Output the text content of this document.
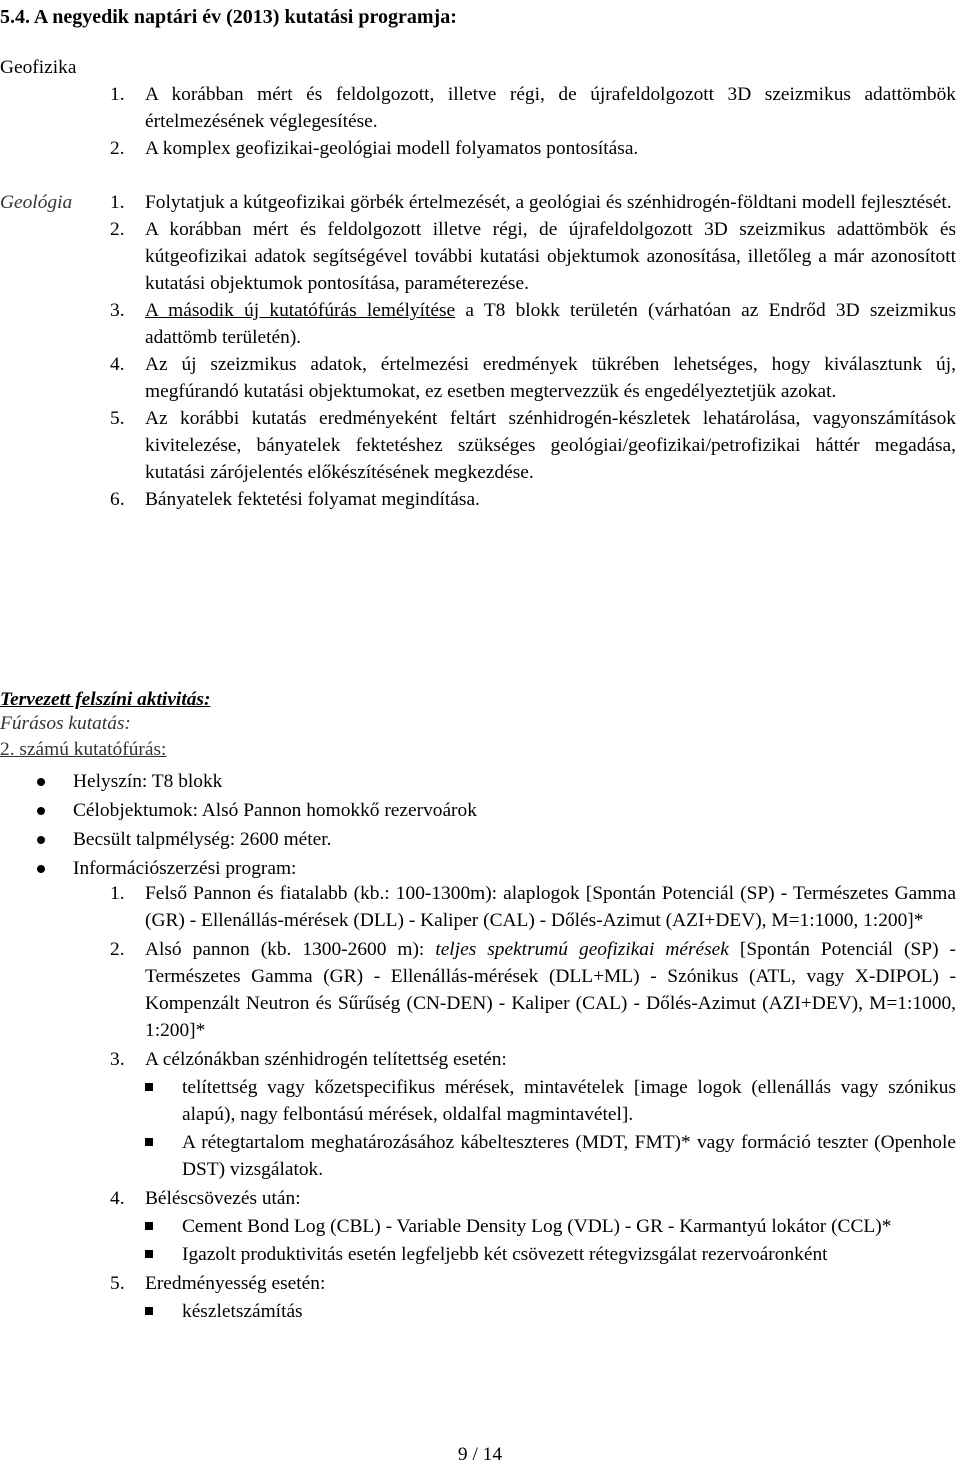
5.4. A negyedik naptári év (2013) kutatási programja:
Geofizika
1. A korábban mért és feldolgozott, illetve régi, de újrafeldolgozott 3D szeizmikus adattömbök értelmezésének véglegesítése.
2. A komplex geofizikai-geológiai modell folyamatos pontosítása.
Geológia 1. Folytatjuk a kútgeofizikai görbék értelmezését, a geológiai és szénhidrogén-földtani modell fejlesztését.
2. A korábban mért és feldolgozott illetve régi, de újrafeldolgozott 3D szeizmikus adattömbök és kútgeofizikai adatok segítségével további kutatási objektumok azonosítása, illetőleg a már azonosított kutatási objektumok pontosítása, paraméterezése.
3. A második új kutatófúrás lemélyítése a T8 blokk területén (várhatóan az Endrőd 3D szeizmikus adattömb területén).
4. Az új szeizmikus adatok, értelmezési eredmények tükrében lehetséges, hogy kiválasztunk új, megfúrandó kutatási objektumokat, ez esetben megtervezzük és engedélyeztetjük azokat.
5. Az korábbi kutatás eredményeként feltárt szénhidrogén-készletek lehatárolása, vagyonszámítások kivitelezése, bányatelek fektetéshez szükséges geológiai/geofizikai/petrofizikai háttér megadása, kutatási zárójelentés előkészítésének megkezdése.
6. Bányatelek fektetési folyamat megindítása.
Tervezett felszíni aktivitás:
Fúrásos kutatás:
2. számú kutatófúrás:
Helyszín: T8 blokk
Célobjektumok: Alsó Pannon homokkő rezervoárok
Becsült talpmélység: 2600 méter.
Információszerzési program:
1. Felső Pannon és fiatalabb (kb.: 100-1300m): alaplogok [Spontán Potenciál (SP) - Természetes Gamma (GR) - Ellenállás-mérések (DLL) - Kaliper (CAL) - Dőlés-Azimut (AZI+DEV), M=1:1000, 1:200]*
2. Alsó pannon (kb. 1300-2600 m): teljes spektrumú geofizikai mérések [Spontán Potenciál (SP) - Természetes Gamma (GR) - Ellenállás-mérések (DLL+ML) - Szónikus (ATL, vagy X-DIPOL) - Kompenzált Neutron és Sűrűség (CN-DEN) - Kaliper (CAL) - Dőlés-Azimut (AZI+DEV), M=1:1000, 1:200]*
3. A célzónákban szénhidrogén telítettség esetén:
telítettség vagy kőzetspecifikus mérések, mintavételek [image logok (ellenállás vagy szónikus alapú), nagy felbontású mérések, oldalfal magmintavétel].
A rétegtartalom meghatározásához kábelteszteres (MDT, FMT)* vagy formáció teszter (Openhole DST) vizsgálatok.
4. Béléscsövezés után:
Cement Bond Log (CBL) - Variable Density Log (VDL) - GR - Karmantyú lokátor (CCL)*
Igazolt produktivitás esetén legfeljebb két csövezett rétegvizsgálat rezervoáronként
5. Eredményesség esetén:
készletszámítás
9 / 14
